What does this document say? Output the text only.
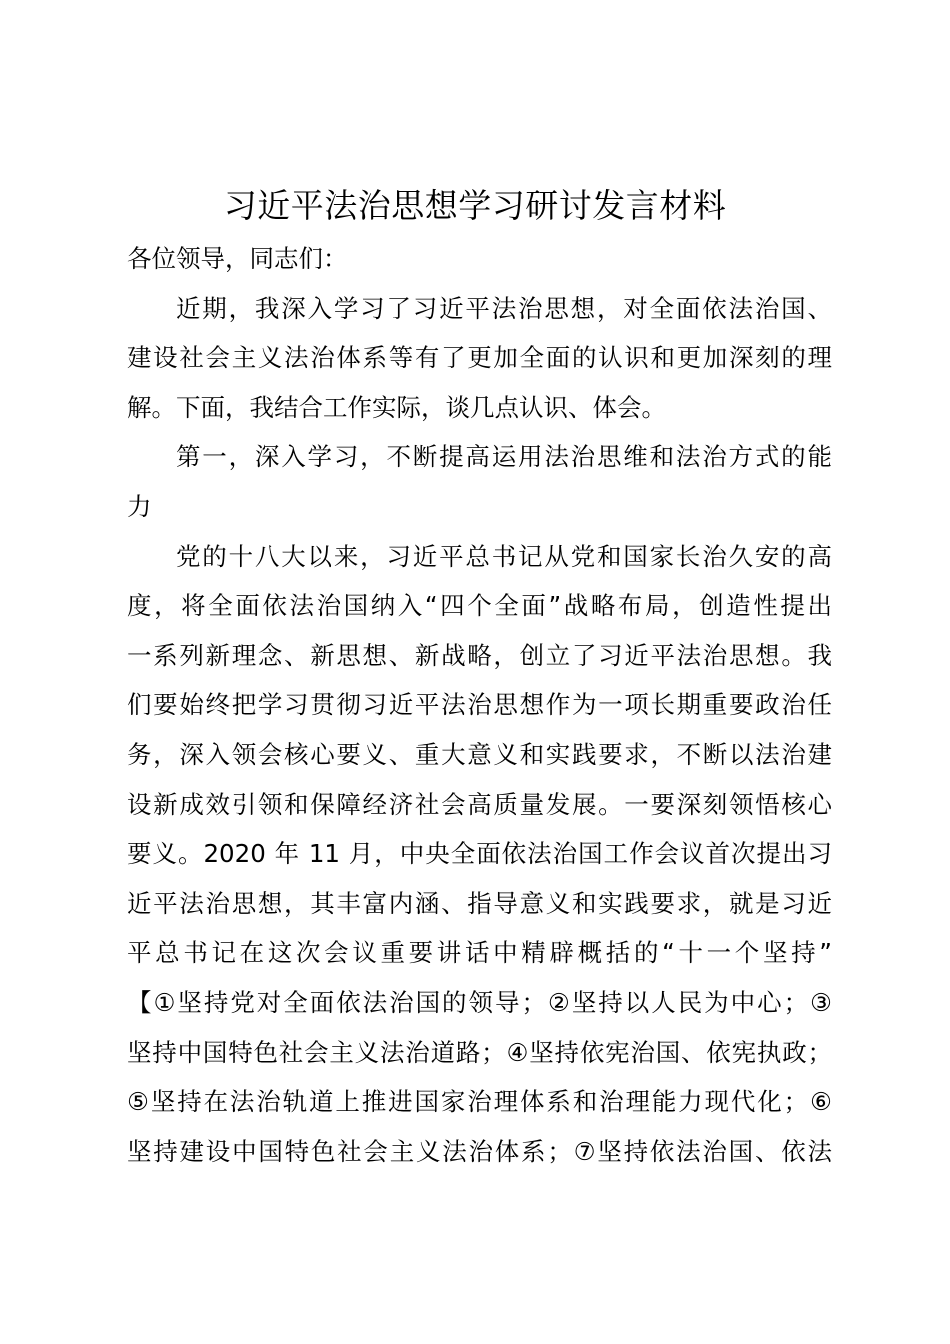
习近平法治思想学习研讨发言材料
各位领导，同志们：
近期，我深入学习了习近平法治思想，对全面依法治国、
建设社会主义法治体系等有了更加全面的认识和更加深刻的理
解。下面，我结合工作实际，谈几点认识、体会。
第一，深入学习，不断提高运用法治思维和法治方式的能
力
党的十八大以来，习近平总书记从党和国家长治久安的高
度，将全面依法治国纳入“四个全面”战略布局，创造性提出
一系列新理念、新思想、新战略，创立了习近平法治思想。我
们要始终把学习贯彻习近平法治思想作为一项长期重要政治任
务，深入领会核心要义、重大意义和实践要求，不断以法治建
设新成效引领和保障经济社会高质量发展。一要深刻领悟核心
要义。2020 年 11 月，中央全面依法治国工作会议首次提出习
近平法治思想，其丰富内涵、指导意义和实践要求，就是习近
平总书记在这次会议重要讲话中精辟概括的“十一个坚持”
【①坚持党对全面依法治国的领导；②坚持以人民为中心；③
坚持中国特色社会主义法治道路；④坚持依宪治国、依宪执政；
⑤坚持在法治轨道上推进国家治理体系和治理能力现代化；⑥
坚持建设中国特色社会主义法治体系；⑦坚持依法治国、依法
